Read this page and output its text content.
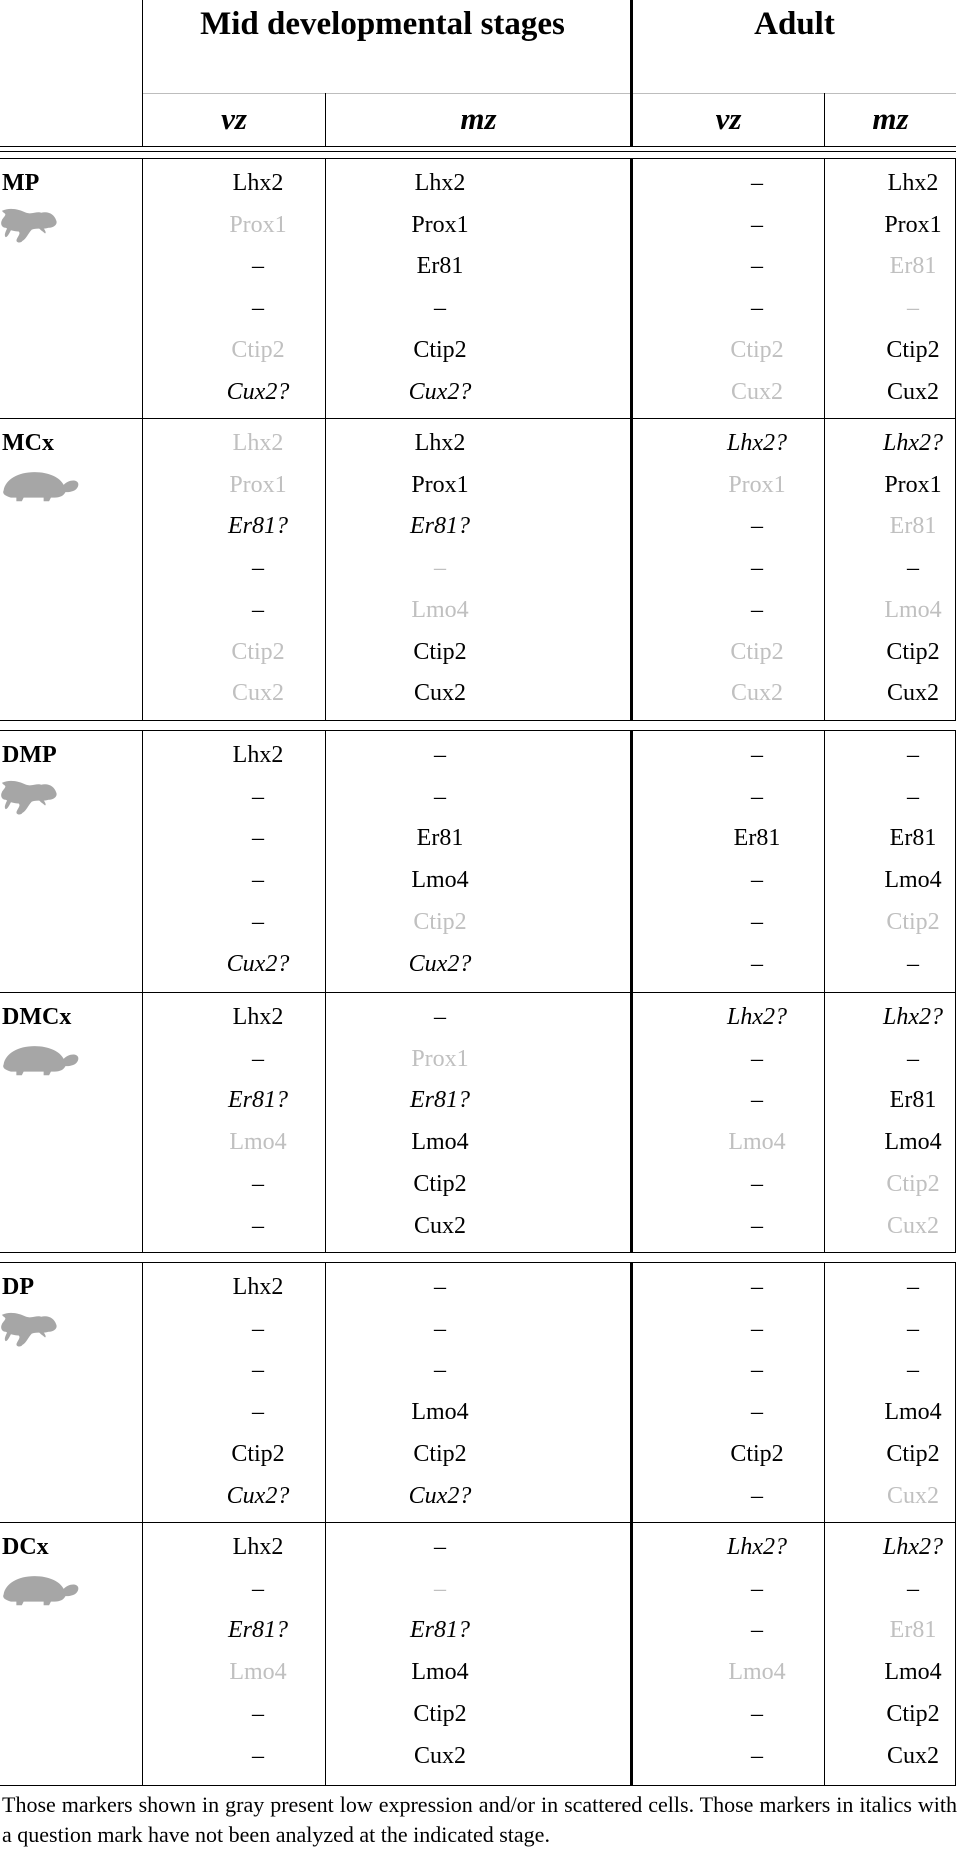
Mid developmental stages	Adult
vz	mz	vz	mz
MP	Lhx2	Lhx2	–	Lhx2
Prox1	Prox1	–	Prox1
–	Er81	–	Er81
–	–	–	–
Ctip2	Ctip2	Ctip2	Ctip2
Cux2?	Cux2?	Cux2	Cux2
MCx	Lhx2	Lhx2	Lhx2?	Lhx2?
Prox1	Prox1	Prox1	Prox1
Er81?	Er81?	–	Er81
–	–	–	–
–	Lmo4	–	Lmo4
Ctip2	Ctip2	Ctip2	Ctip2
Cux2	Cux2	Cux2	Cux2
DMP	Lhx2	–	–	–
–	–	–	–
–	Er81	Er81	Er81
–	Lmo4	–	Lmo4
–	Ctip2	–	Ctip2
Cux2?	Cux2?	–	–
DMCx	Lhx2	–	Lhx2?	Lhx2?
–	Prox1	–	–
Er81?	Er81?	–	Er81
Lmo4	Lmo4	Lmo4	Lmo4
–	Ctip2	–	Ctip2
–	Cux2	–	Cux2
DP	Lhx2	–	–	–
–	–	–	–
–	–	–	–
–	Lmo4	–	Lmo4
Ctip2	Ctip2	Ctip2	Ctip2
Cux2?	Cux2?	–	Cux2
DCx	Lhx2	–	Lhx2?	Lhx2?
–	–	–	–
Er81?	Er81?	–	Er81
Lmo4	Lmo4	Lmo4	Lmo4
–	Ctip2	–	Ctip2
–	Cux2	–	Cux2
Those markers shown in gray present low expression and/or in scattered cells. Those markers in italics with a question mark have not been analyzed at the indicated stage.
